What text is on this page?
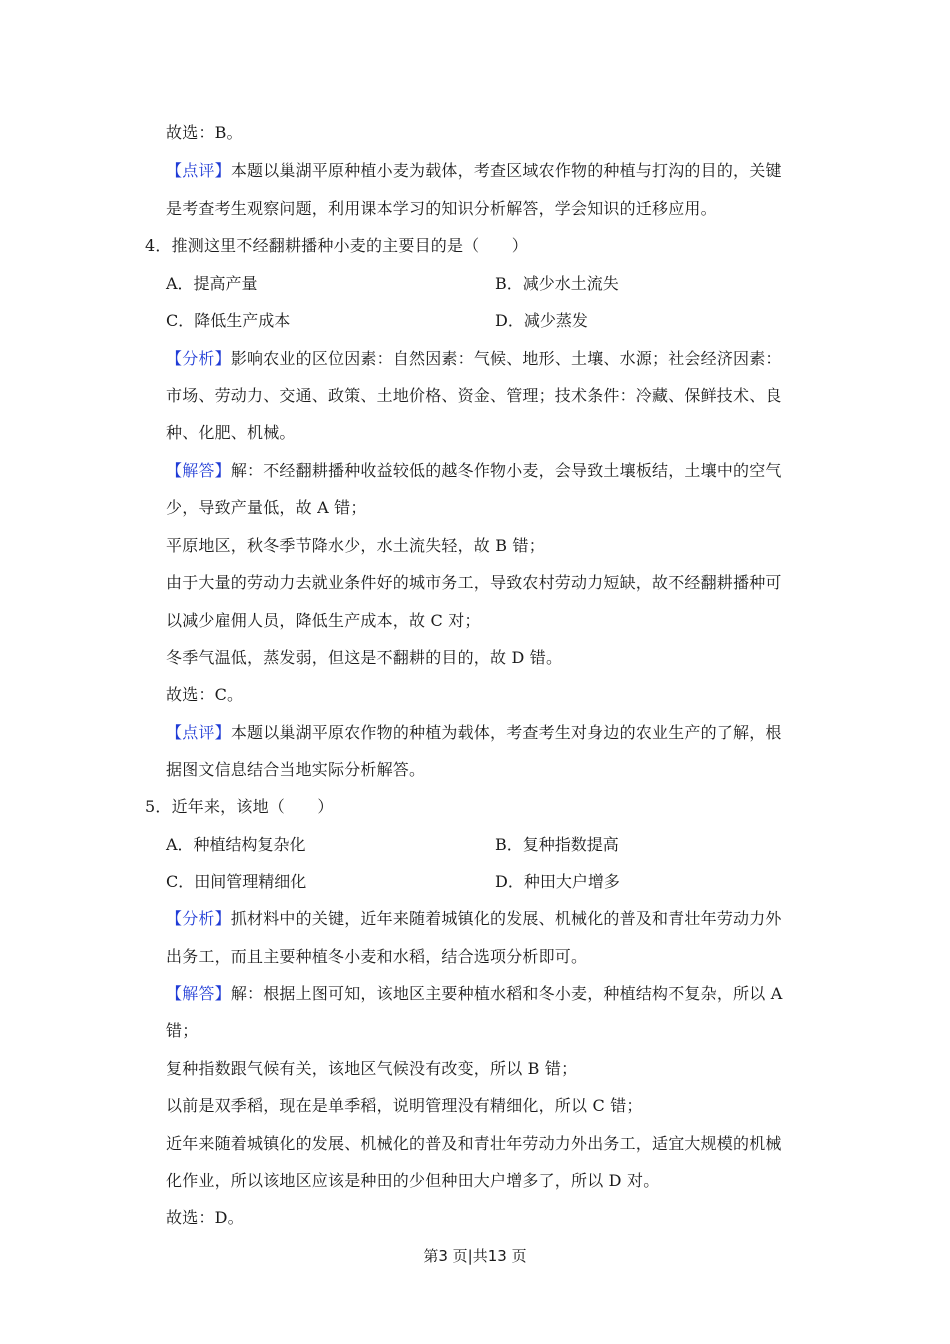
故选：B。
【点评】本题以巢湖平原种植小麦为载体，考查区域农作物的种植与打沟的目的，关键
是考查考生观察问题，利用课本学习的知识分析解答，学会知识的迁移应用。
4．推测这里不经翻耕播种小麦的主要目的是（　　）
A．提高产量	B．减少水土流失
C．降低生产成本	D．减少蒸发
【分析】影响农业的区位因素：自然因素：气候、地形、土壤、水源；社会经济因素：
市场、劳动力、交通、政策、土地价格、资金、管理；技术条件：冷藏、保鲜技术、良
种、化肥、机械。
【解答】解：不经翻耕播种收益较低的越冬作物小麦，会导致土壤板结，土壤中的空气
少，导致产量低，故 A 错；
平原地区，秋冬季节降水少，水土流失轻，故 B 错；
由于大量的劳动力去就业条件好的城市务工，导致农村劳动力短缺，故不经翻耕播种可
以减少雇佣人员，降低生产成本，故 C 对；
冬季气温低，蒸发弱，但这是不翻耕的目的，故 D 错。
故选：C。
【点评】本题以巢湖平原农作物的种植为载体，考查考生对身边的农业生产的了解，根
据图文信息结合当地实际分析解答。
5．近年来，该地（　　）
A．种植结构复杂化	B．复种指数提高
C．田间管理精细化	D．种田大户增多
【分析】抓材料中的关键，近年来随着城镇化的发展、机械化的普及和青壮年劳动力外
出务工，而且主要种植冬小麦和水稻，结合选项分析即可。
【解答】解：根据上图可知，该地区主要种植水稻和冬小麦，种植结构不复杂，所以 A
错；
复种指数跟气候有关，该地区气候没有改变，所以 B 错；
以前是双季稻，现在是单季稻，说明管理没有精细化，所以 C 错；
近年来随着城镇化的发展、机械化的普及和青壮年劳动力外出务工，适宜大规模的机械
化作业，所以该地区应该是种田的少但种田大户增多了，所以 D 对。
故选：D。
第3 页|共13 页
